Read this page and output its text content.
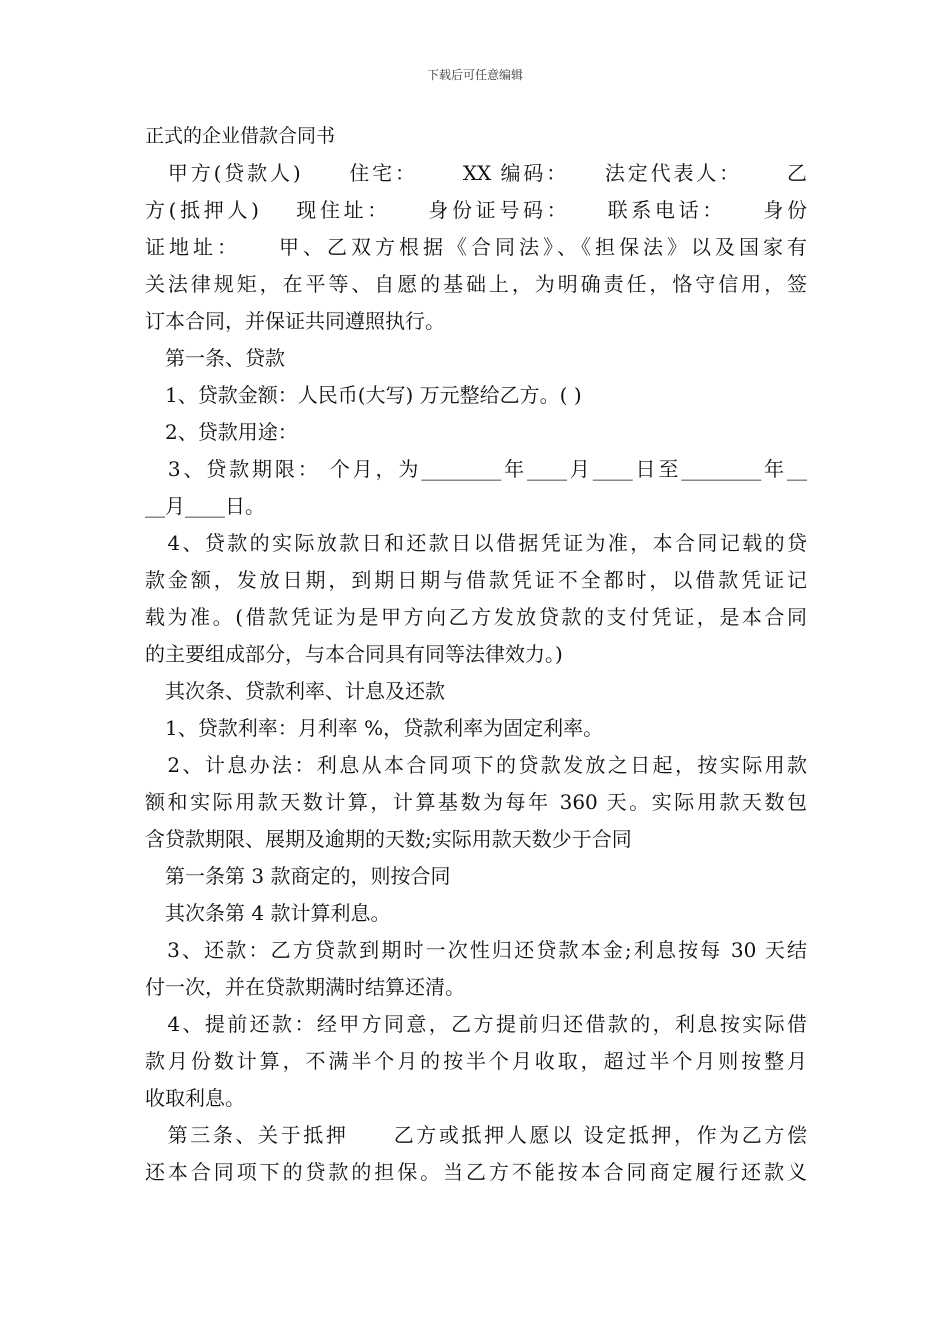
下载后可任意编辑
正式的企业借款合同书
　甲方(贷款人)　　住宅：　　 XX 编码：　　法定代表人：　　 乙
方(抵押人)　 现住址：　　身份证号码：　　联系电话：　　身份
证地址：　　甲、乙双方根据《合同法》、《担保法》以及国家有
关法律规矩，在平等、自愿的基础上，为明确责任，恪守信用，签
订本合同，并保证共同遵照执行。
　第一条、贷款
　1、贷款金额：人民币(大写) 万元整给乙方。( )
　2、贷款用途：
　3、贷款期限： 个月，为________年____月____日至________年__
__月____日。
　4、贷款的实际放款日和还款日以借据凭证为准，本合同记载的贷
款金额，发放日期，到期日期与借款凭证不全都时，以借款凭证记
载为准。(借款凭证为是甲方向乙方发放贷款的支付凭证，是本合同
的主要组成部分，与本合同具有同等法律效力。)
　其次条、贷款利率、计息及还款
　1、贷款利率：月利率 %，贷款利率为固定利率。
　2、计息办法：利息从本合同项下的贷款发放之日起，按实际用款
额和实际用款天数计算，计算基数为每年 360 天。实际用款天数包
含贷款期限、展期及逾期的天数;实际用款天数少于合同
　第一条第 3 款商定的，则按合同
　其次条第 4 款计算利息。
　3、还款：乙方贷款到期时一次性归还贷款本金;利息按每 30 天结
付一次，并在贷款期满时结算还清。
　4、提前还款：经甲方同意，乙方提前归还借款的，利息按实际借
款月份数计算，不满半个月的按半个月收取，超过半个月则按整月
收取利息。
　第三条、关于抵押　　乙方或抵押人愿以 设定抵押，作为乙方偿
还本合同项下的贷款的担保。当乙方不能按本合同商定履行还款义
